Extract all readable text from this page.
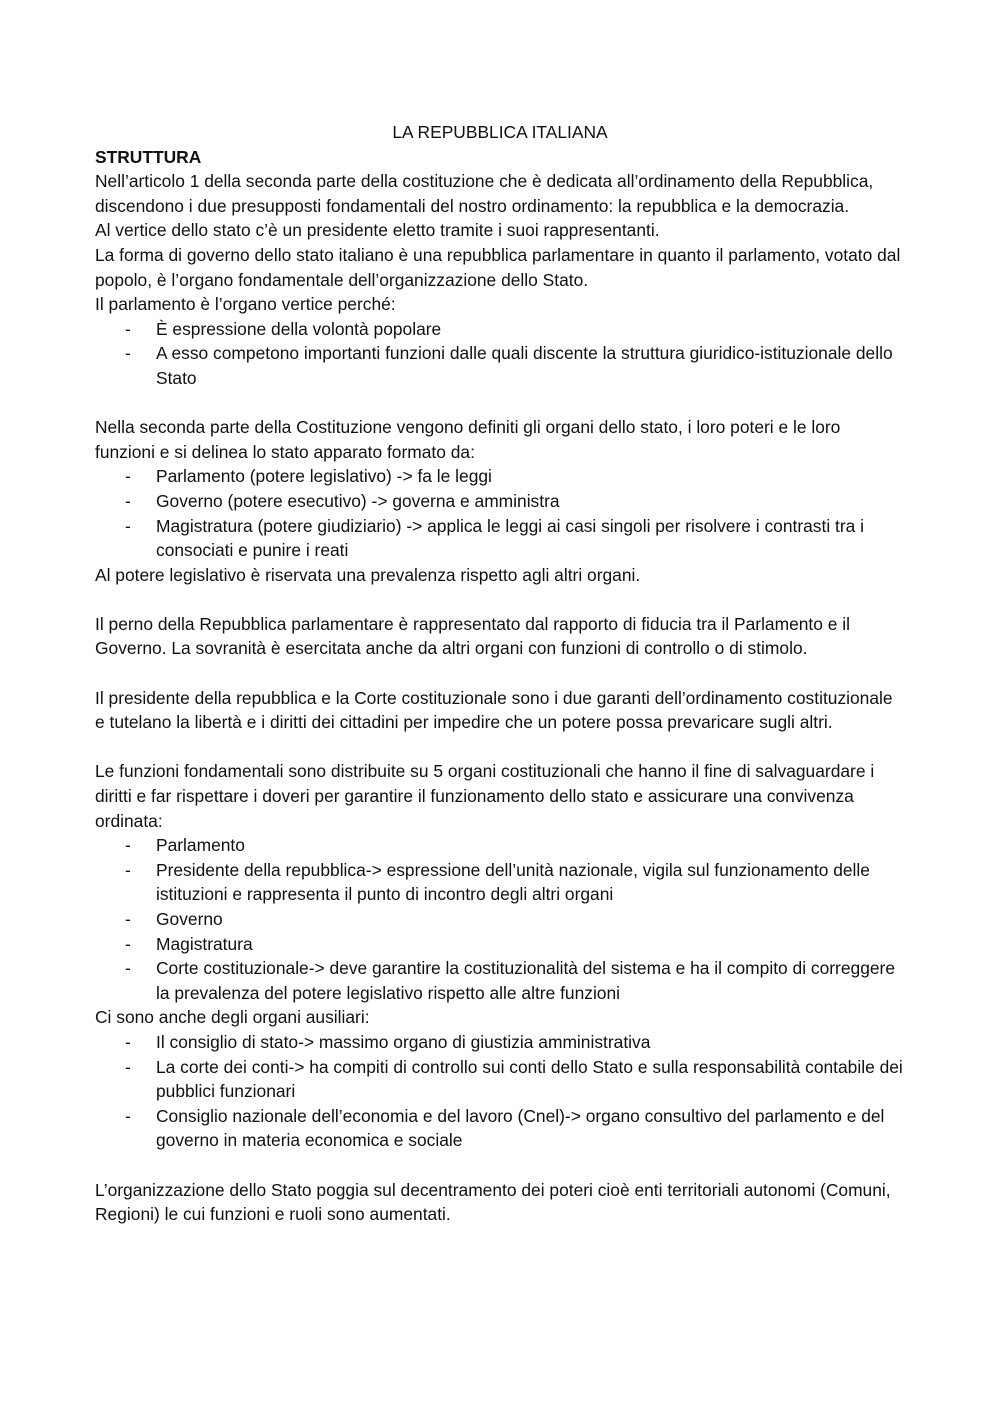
LA REPUBBLICA ITALIANA

STRUTTURA

Nell’articolo 1 della seconda parte della costituzione che è dedicata all’ordinamento della Repubblica, discendono i due presupposti fondamentali del nostro ordinamento: la repubblica e la democrazia.

Al vertice dello stato c’è un presidente eletto tramite i suoi rappresentanti.

La forma di governo dello stato italiano è una repubblica parlamentare in quanto il parlamento, votato dal popolo, è l’organo fondamentale dell’organizzazione dello Stato.

Il parlamento è l’organo vertice perché:

- È espressione della volontà popolare
- A esso competono importanti funzioni dalle quali discente la struttura giuridico-istituzionale dello Stato

Nella seconda parte della Costituzione vengono definiti gli organi dello stato, i loro poteri e le loro funzioni e si delinea lo stato apparato formato da:

- Parlamento (potere legislativo) -> fa le leggi
- Governo (potere esecutivo) -> governa e amministra
- Magistratura (potere giudiziario) -> applica le leggi ai casi singoli per risolvere i contrasti tra i consociati e punire i reati

Al potere legislativo è riservata una prevalenza rispetto agli altri organi.

Il perno della Repubblica parlamentare è rappresentato dal rapporto di fiducia tra il Parlamento e il Governo. La sovranità è esercitata anche da altri organi con funzioni di controllo o di stimolo.

Il presidente della repubblica e la Corte costituzionale sono i due garanti dell’ordinamento costituzionale e tutelano la libertà e i diritti dei cittadini per impedire che un potere possa prevaricare sugli altri.

Le funzioni fondamentali sono distribuite su 5 organi costituzionali che hanno il fine di salvaguardare i diritti e far rispettare i doveri per garantire il funzionamento dello stato e assicurare una convivenza ordinata:

- Parlamento
- Presidente della repubblica-> espressione dell’unità nazionale, vigila sul funzionamento delle istituzioni e rappresenta il punto di incontro degli altri organi
- Governo
- Magistratura
- Corte costituzionale-> deve garantire la costituzionalità del sistema e ha il compito di correggere la prevalenza del potere legislativo rispetto alle altre funzioni

Ci sono anche degli organi ausiliari:

- Il consiglio di stato-> massimo organo di giustizia amministrativa
- La corte dei conti-> ha compiti di controllo sui conti dello Stato e sulla responsabilità contabile dei pubblici funzionari
- Consiglio nazionale dell’economia e del lavoro (Cnel)-> organo consultivo del parlamento e del governo in materia economica e sociale

L’organizzazione dello Stato poggia sul decentramento dei poteri cioè enti territoriali autonomi (Comuni, Regioni) le cui funzioni e ruoli sono aumentati.
